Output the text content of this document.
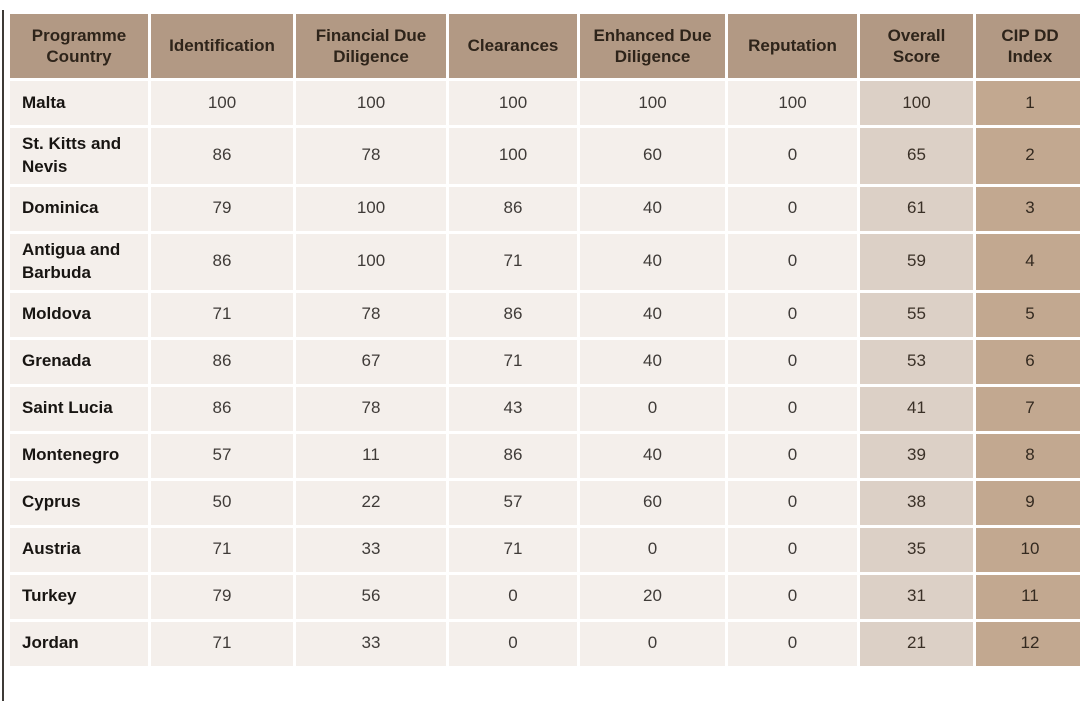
Programme Country	Identification	Financial Due Diligence	Clearances	Enhanced Due Diligence	Reputation	Overall Score	CIP DD Index
Malta	100	100	100	100	100	100	1
St. Kitts and Nevis	86	78	100	60	0	65	2
Dominica	79	100	86	40	0	61	3
Antigua and Barbuda	86	100	71	40	0	59	4
Moldova	71	78	86	40	0	55	5
Grenada	86	67	71	40	0	53	6
Saint Lucia	86	78	43	0	0	41	7
Montenegro	57	11	86	40	0	39	8
Cyprus	50	22	57	60	0	38	9
Austria	71	33	71	0	0	35	10
Turkey	79	56	0	20	0	31	11
Jordan	71	33	0	0	0	21	12
